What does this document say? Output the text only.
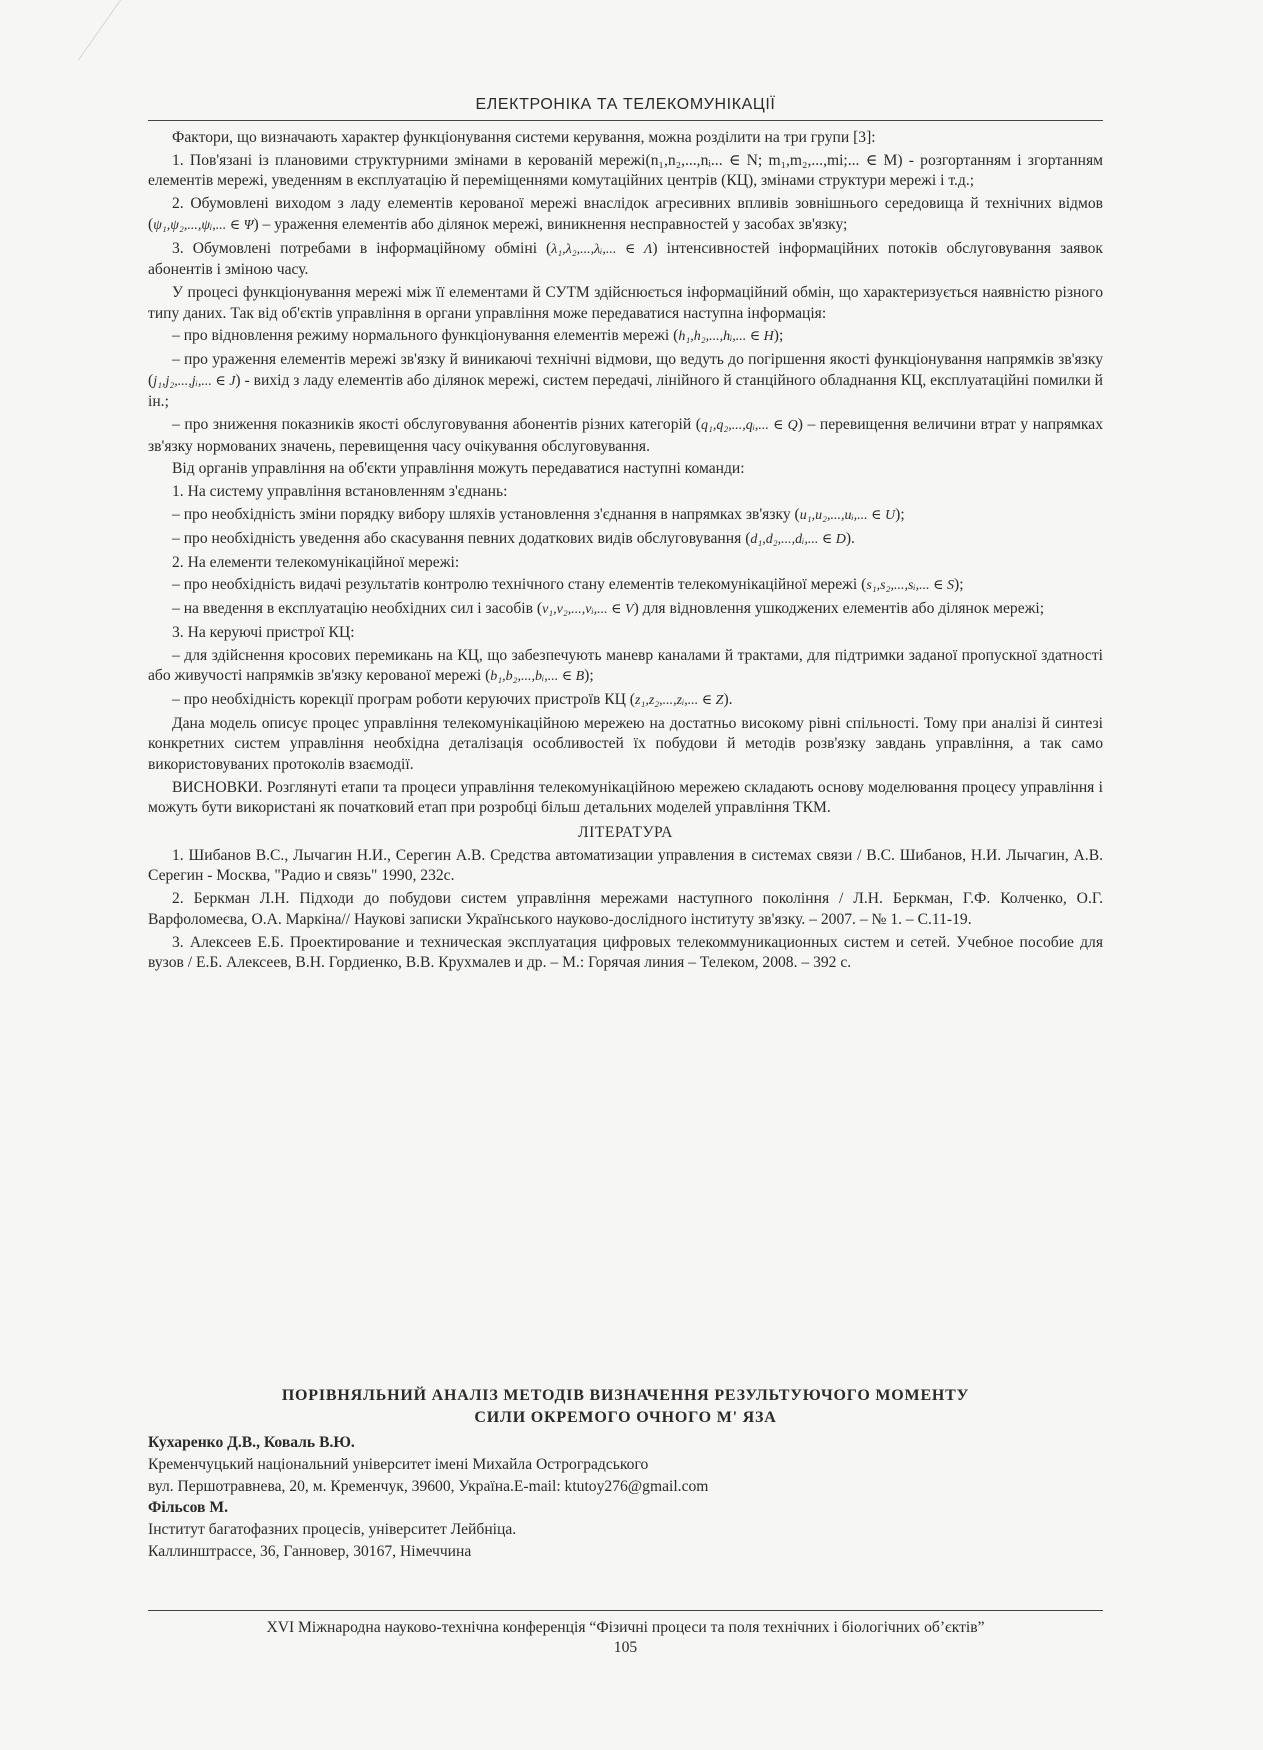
ЕЛЕКТРОНІКА ТА ТЕЛЕКОМУНІКАЦІЇ

Фактори, що визначають характер функціонування системи керування, можна розділити на три групи [3]:

1. Пов'язані із плановими структурними змінами в керованій мережі(n₁,n₂,...,nᵢ... ∈ N; m₁,m₂,...,mi;... ∈ M) - розгортанням і згортанням елементів мережі, уведенням в експлуатацію й переміщеннями комутаційних центрів (КЦ), змінами структури мережі і т.д.;

2. Обумовлені виходом з ладу елементів керованої мережі внаслідок агресивних впливів зовнішнього середовища й технічних відмов (ψ₁,ψ₂,...,ψᵢ,... ∈ Ψ) – ураження елементів або ділянок мережі, виникнення несправностей у засобах зв'язку;

3. Обумовлені потребами в інформаційному обміні (λ₁,λ₂,...,λᵢ,... ∈ Λ) інтенсивностей інформаційних потоків обслуговування заявок абонентів і зміною часу.

У процесі функціонування мережі між її елементами й СУТМ здійснюється інформаційний обмін, що характеризується наявністю різного типу даних. Так від об'єктів управління в органи управління може передаватися наступна інформація:

– про відновлення режиму нормального функціонування елементів мережі (h₁,h₂,...,hᵢ,... ∈ H);

– про ураження елементів мережі зв'язку й виникаючі технічні відмови, що ведуть до погіршення якості функціонування напрямків зв'язку (j₁,j₂,...,jᵢ,... ∈ J) - вихід з ладу елементів або ділянок мережі, систем передачі, лінійного й станційного обладнання КЦ, експлуатаційні помилки й ін.;

– про зниження показників якості обслуговування абонентів різних категорій (q₁,q₂,...,qᵢ,... ∈ Q) – перевищення величини втрат у напрямках зв'язку нормованих значень, перевищення часу очікування обслуговування.

Від органів управління на об'єкти управління можуть передаватися наступні команди:

1. На систему управління встановленням з'єднань:

– про необхідність зміни порядку вибору шляхів установлення з'єднання в напрямках зв'язку (u₁,u₂,...,uᵢ,... ∈ U);

– про необхідність уведення або скасування певних додаткових видів обслуговування (d₁,d₂,...,dᵢ,... ∈ D).

2. На елементи телекомунікаційної мережі:

– про необхідність видачі результатів контролю технічного стану елементів телекомунікаційної мережі (s₁,s₂,...,sᵢ,... ∈ S);

– на введення в експлуатацію необхідних сил і засобів (v₁,v₂,...,vᵢ,... ∈ V) для відновлення ушкоджених елементів або ділянок мережі;

3. На керуючі пристрої КЦ:

– для здійснення кросових перемикань на КЦ, що забезпечують маневр каналами й трактами, для підтримки заданої пропускної здатності або живучості напрямків зв'язку керованої мережі (b₁,b₂,...,bᵢ,... ∈ B);

– про необхідність корекції програм роботи керуючих пристроїв КЦ (z₁,z₂,...,zᵢ,... ∈ Z).

Дана модель описує процес управління телекомунікаційною мережею на достатньо високому рівні спільності. Тому при аналізі й синтезі конкретних систем управління необхідна деталізація особливостей їх побудови й методів розв'язку завдань управління, а так само використовуваних протоколів взаємодії.

ВИСНОВКИ. Розглянуті етапи та процеси управління телекомунікаційною мережею складають основу моделювання процесу управління і можуть бути використані як початковий етап при розробці більш детальних моделей управління ТКМ.

ЛІТЕРАТУРА

1. Шибанов В.С., Лычагин Н.И., Серегин А.В. Средства автоматизации управления в системах связи / В.С. Шибанов, Н.И. Лычагин, А.В. Серегин - Москва, "Радио и связь" 1990, 232с.

2. Беркман Л.Н. Підходи до побудови систем управління мережами наступного покоління / Л.Н. Беркман, Г.Ф. Колченко, О.Г. Варфоломеєва, О.А. Маркіна// Наукові записки Українського науково-дослідного інституту зв'язку. – 2007. – № 1. – С.11-19.

3. Алексеев Е.Б. Проектирование и техническая эксплуатация цифровых телекоммуникационных систем и сетей. Учебное пособие для вузов / Е.Б. Алексеев, В.Н. Гордиенко, В.В. Крухмалев и др. – М.: Горячая линия – Телеком, 2008. – 392 с.

ПОРІВНЯЛЬНИЙ АНАЛІЗ МЕТОДІВ ВИЗНАЧЕННЯ РЕЗУЛЬТУЮЧОГО МОМЕНТУ
СИЛИ ОКРЕМОГО ОЧНОГО М' ЯЗА
Кухаренко Д.В., Коваль В.Ю.
Кременчуцький національний університет імені Михайла Остроградського
вул. Першотравнева, 20, м. Кременчук, 39600, Україна.E-mail: ktutoy276@gmail.com
Фільсов М.
Інститут багатофазних процесів, університет Лейбніца.
Каллинштрассе, 36, Ганновер, 30167, Німеччина
XVI Міжнародна науково-технічна конференція “Фізичні процеси та поля технічних і біологічних об’єктів”
105
